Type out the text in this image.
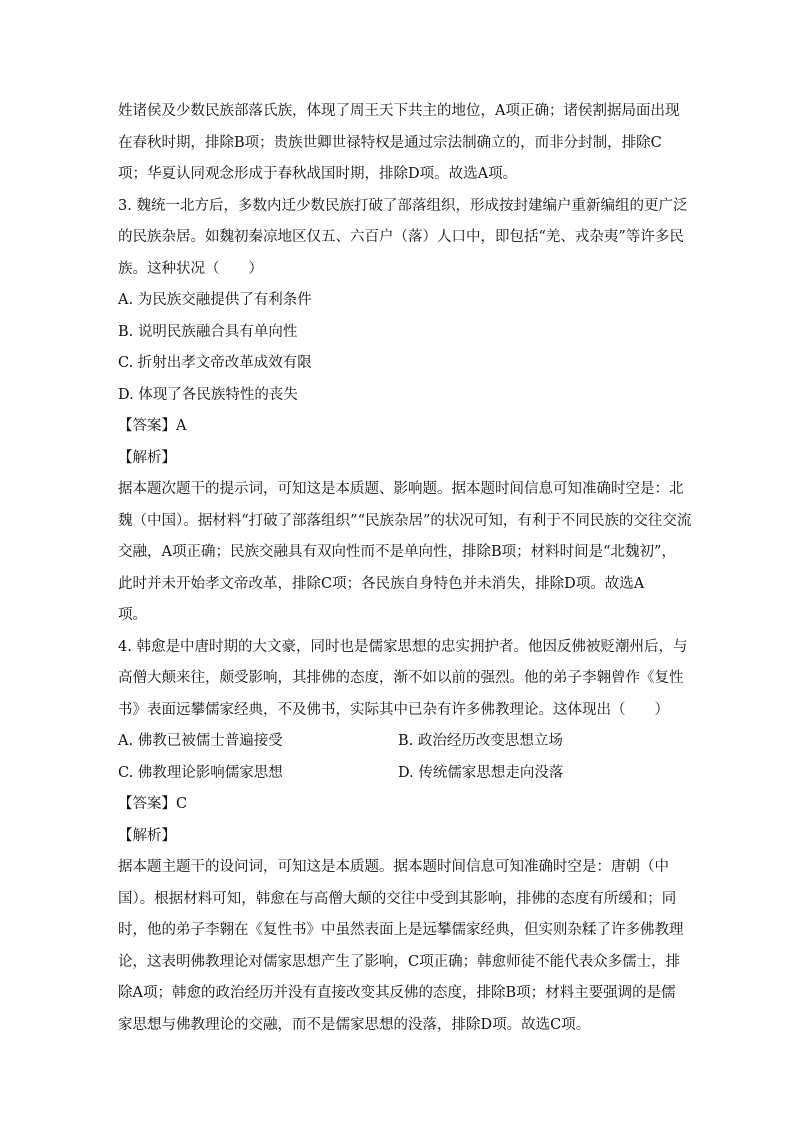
姓诸侯及少数民族部落氏族，体现了周王天下共主的地位，A项正确；诸侯割据局面出现
在春秋时期，排除B项；贵族世卿世禄特权是通过宗法制确立的，而非分封制，排除C
项；华夏认同观念形成于春秋战国时期，排除D项。故选A项。
3. 魏统一北方后，多数内迁少数民族打破了部落组织，形成按封建编户重新编组的更广泛
的民族杂居。如魏初秦凉地区仅五、六百户（落）人口中，即包括“羌、戎杂夷”等许多民
族。这种状况（　　）
A. 为民族交融提供了有利条件
B. 说明民族融合具有单向性
C. 折射出孝文帝改革成效有限
D. 体现了各民族特性的丧失
【答案】A
【解析】
据本题次题干的提示词，可知这是本质题、影响题。据本题时间信息可知准确时空是：北
魏（中国）。据材料“打破了部落组织”“民族杂居”的状况可知，有利于不同民族的交往交流
交融，A项正确；民族交融具有双向性而不是单向性，排除B项；材料时间是“北魏初”，
此时并未开始孝文帝改革，排除C项；各民族自身特色并未消失，排除D项。故选A
项。
4. 韩愈是中唐时期的大文豪，同时也是儒家思想的忠实拥护者。他因反佛被贬潮州后，与
高僧大颠来往，颇受影响，其排佛的态度，渐不如以前的强烈。他的弟子李翱曾作《复性
书》表面远攀儒家经典，不及佛书，实际其中已杂有许多佛教理论。这体现出（　　）
A. 佛教已被儒士普遍接受	B. 政治经历改变思想立场
C. 佛教理论影响儒家思想	D. 传统儒家思想走向没落
【答案】C
【解析】
据本题主题干的设问词，可知这是本质题。据本题时间信息可知准确时空是：唐朝（中
国）。根据材料可知，韩愈在与高僧大颠的交往中受到其影响，排佛的态度有所缓和；同
时，他的弟子李翱在《复性书》中虽然表面上是远攀儒家经典，但实则杂糅了许多佛教理
论，这表明佛教理论对儒家思想产生了影响，C项正确；韩愈师徒不能代表众多儒士，排
除A项；韩愈的政治经历并没有直接改变其反佛的态度，排除B项；材料主要强调的是儒
家思想与佛教理论的交融，而不是儒家思想的没落，排除D项。故选C项。
